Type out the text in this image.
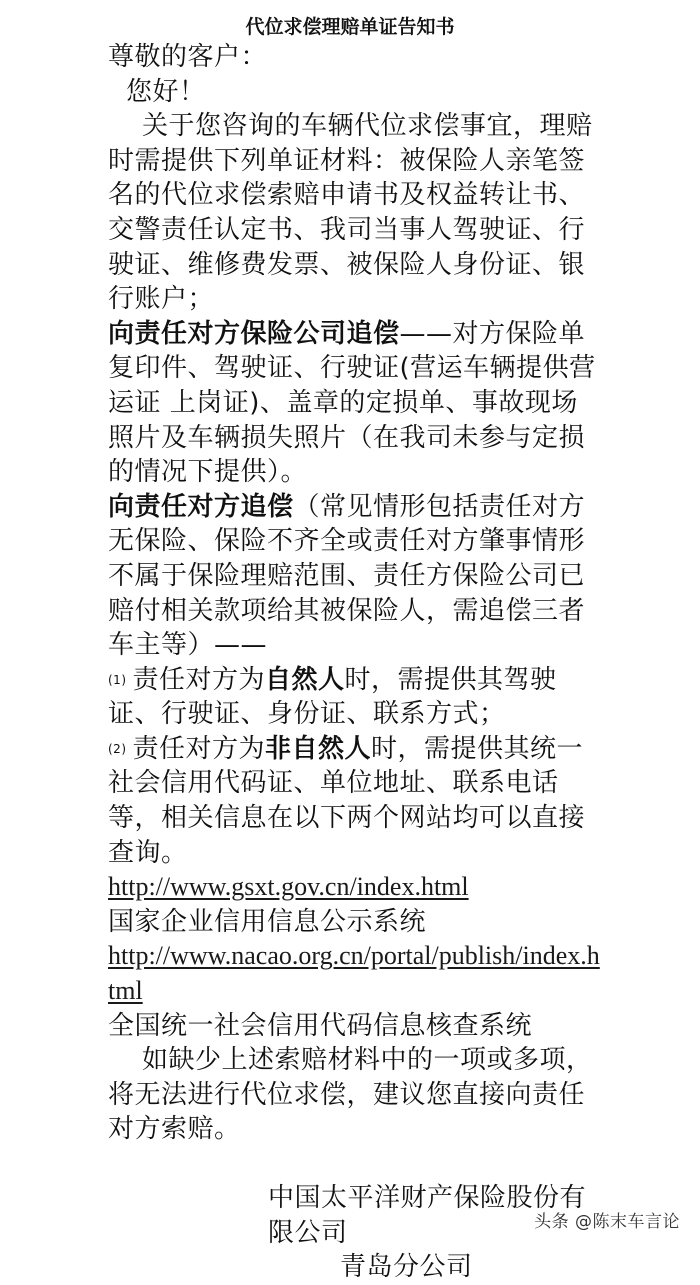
代位求偿理赔单证告知书

尊敬的客户：

您好！

关于您咨询的车辆代位求偿事宜，理赔时需提供下列单证材料：被保险人亲笔签名的代位求偿索赔申请书及权益转让书、交警责任认定书、我司当事人驾驶证、行驶证、维修费发票、被保险人身份证、银行账户；

向责任对方保险公司追偿——对方保险单复印件、驾驶证、行驶证(营运车辆提供营运证 上岗证)、盖章的定损单、事故现场照片及车辆损失照片（在我司未参与定损的情况下提供）。

向责任对方追偿（常见情形包括责任对方无保险、保险不齐全或责任对方肇事情形不属于保险理赔范围、责任方保险公司已赔付相关款项给其被保险人，需追偿三者车主等）——

(1) 责任对方为自然人时，需提供其驾驶证、行驶证、身份证、联系方式；

(2) 责任对方为非自然人时，需提供其统一社会信用代码证、单位地址、联系电话等，相关信息在以下两个网站均可以直接查询。

http://www.gsxt.gov.cn/index.html

国家企业信用信息公示系统

http://www.nacao.org.cn/portal/publish/index.html

全国统一社会信用代码信息核查系统

如缺少上述索赔材料中的一项或多项，将无法进行代位求偿，建议您直接向责任对方索赔。

中国太平洋财产保险股份有限公司

青岛分公司

头条 @陈末车言论
